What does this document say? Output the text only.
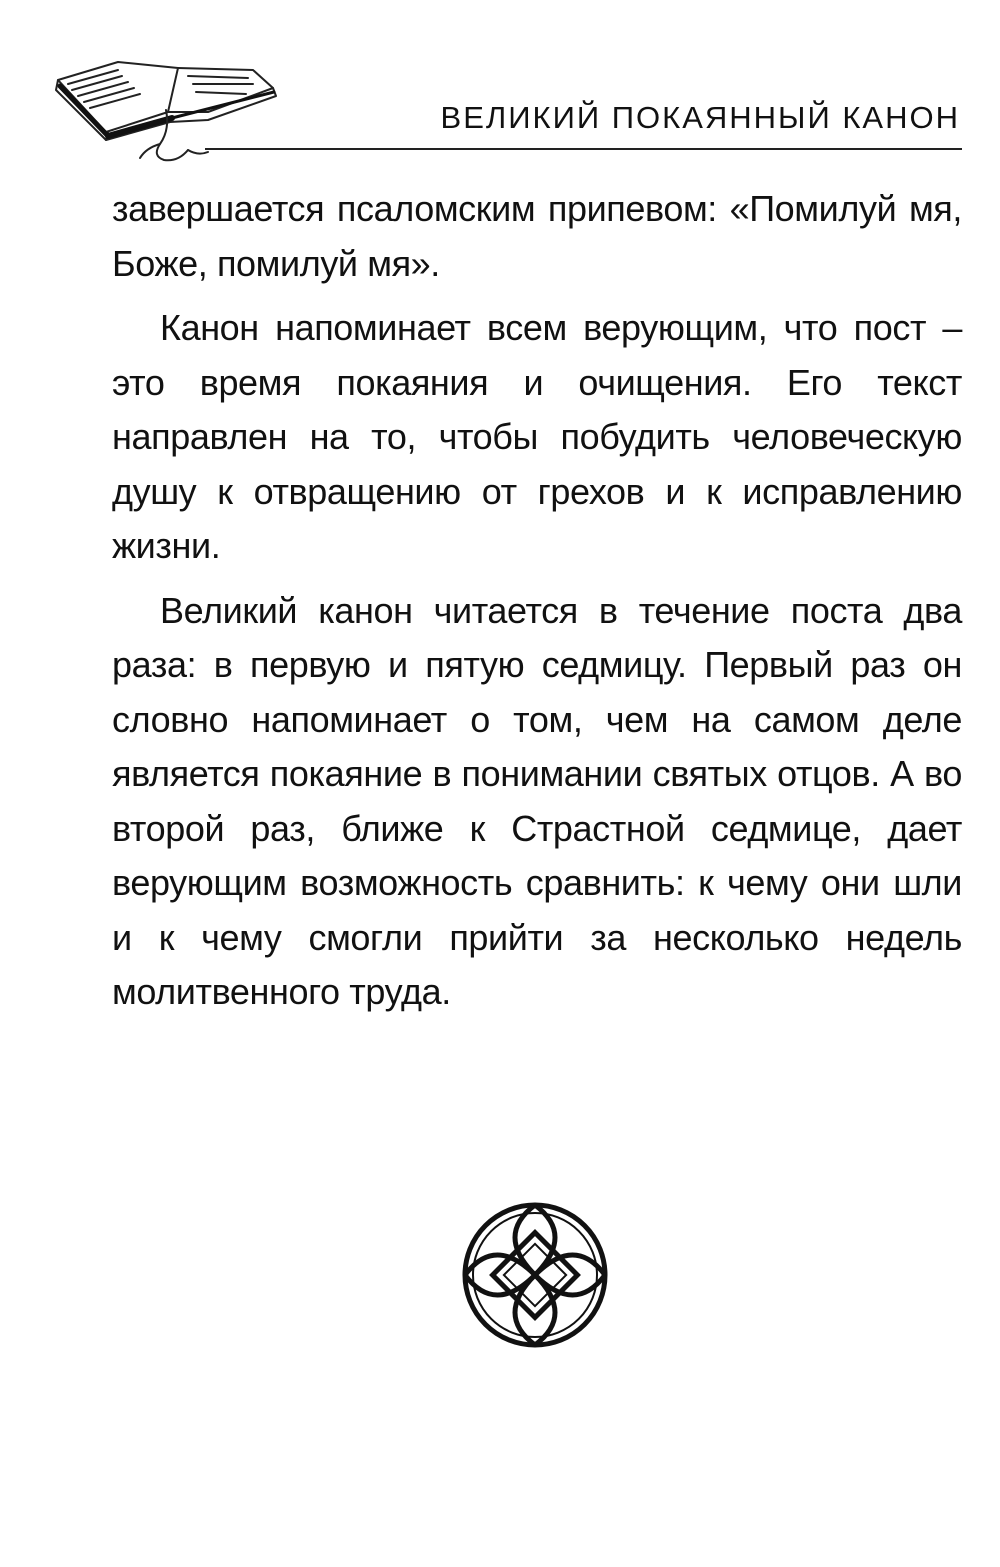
ВЕЛИКИЙ ПОКАЯННЫЙ КАНОН

завершается псаломским припевом: «Помилуй мя, Боже, помилуй мя».

Канон напоминает всем верующим, что пост – это время покаяния и очищения. Его текст направлен на то, чтобы побудить человеческую душу к отвращению от грехов и к исправлению жизни.

Великий канон читается в течение поста два раза: в первую и пятую седмицу. Первый раз он словно напоминает о том, чем на самом деле является покаяние в понимании святых отцов. А во второй раз, ближе к Страстной седмице, дает верующим возможность сравнить: к чему они шли и к чему смогли прийти за несколько недель молитвенного труда.
